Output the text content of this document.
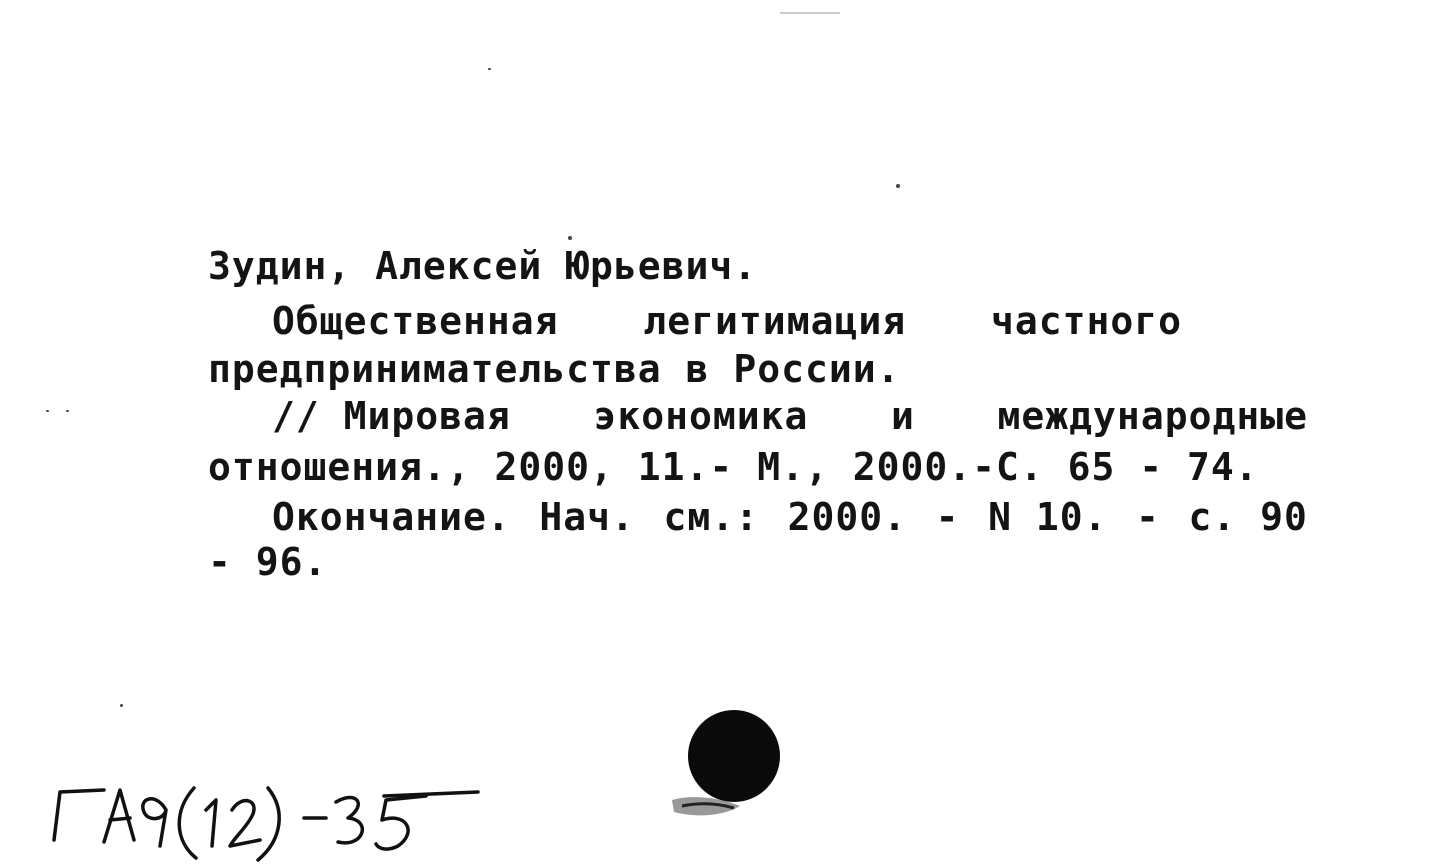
Зудин, Алексей Юрьевич.
Общественная легитимация частного
предпринимательства в России.
// Мировая экономика и международные
отношения., 2000, 11.- М., 2000.-С. 65 - 74.
Окончание. Нач. см.: 2000. - N 10. - с. 90
- 96.
